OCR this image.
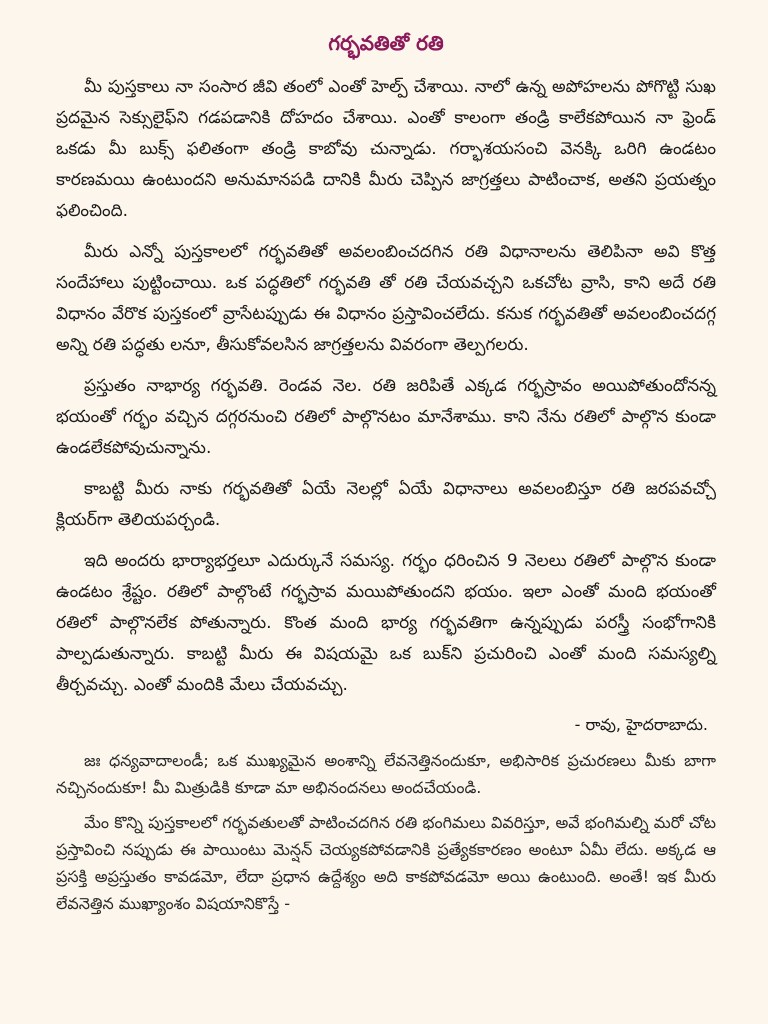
గర్భవతితో రతి

మీ పుస్తకాలు నా సంసార జీవి తంలో ఎంతో హెల్ప్ చేశాయి. నాలో ఉన్న అపోహలను పోగొట్టి సుఖ ప్రదమైన సెక్సులైఫ్‌ని గడపడానికి దోహదం చేశాయి. ఎంతో కాలంగా తండ్రి కాలేకపోయిన నా ఫ్రెండ్ ఒకడు మీ బుక్స్ ఫలితంగా తండ్రి కాబోవు చున్నాడు. గర్భాశయసంచి వెనక్కి ఒరిగి ఉండటం కారణమయి ఉంటుందని అనుమానపడి దానికి మీరు చెప్పిన జాగ్రత్తలు పాటించాక, అతని ప్రయత్నం ఫలించింది.

మీరు ఎన్నో పుస్తకాలలో గర్భవతితో అవలంబించదగిన రతి విధానాలను తెలిపినా అవి కొత్త సందేహాలు పుట్టించాయి. ఒక పద్ధతిలో గర్భవతి తో రతి చేయవచ్చని ఒకచోట వ్రాసి, కాని అదే రతి విధానం వేరొక పుస్తకంలో వ్రాసేటప్పుడు ఈ విధానం ప్రస్తావించలేదు. కనుక గర్భవతితో అవలంబించదగ్గ అన్ని రతి పద్ధతు లనూ, తీసుకోవలసిన జాగ్రత్తలను వివరంగా తెల్పగలరు.

ప్రస్తుతం నాభార్య గర్భవతి. రెండవ నెల. రతి జరిపితే ఎక్కడ గర్భస్రావం అయిపోతుందోనన్న భయంతో గర్భం వచ్చిన దగ్గరనుంచి రతిలో పాల్గొనటం మానేశాము. కాని నేను రతిలో పాల్గొన కుండా ఉండలేకపోవుచున్నాను.

కాబట్టి మీరు నాకు గర్భవతితో ఏయే నెలల్లో ఏయే విధానాలు అవలంబిస్తూ రతి జరపవచ్చో క్లియర్‌గా తెలియపర్చండి.

ఇది అందరు భార్యాభర్తలూ ఎదుర్కునే సమస్య. గర్భం ధరించిన 9 నెలలు రతిలో పాల్గొన కుండా ఉండటం శ్రేష్టం. రతిలో పాల్గొంటే గర్భస్రావ మయిపోతుందని భయం. ఇలా ఎంతో మంది భయంతో రతిలో పాల్గొనలేక పోతున్నారు. కొంత మంది భార్య గర్భవతిగా ఉన్నప్పుడు పరస్త్రీ సంభోగానికి పాల్పడుతున్నారు. కాబట్టి మీరు ఈ విషయమై ఒక బుక్‌ని ప్రచురించి ఎంతో మంది సమస్యల్ని తీర్చవచ్చు. ఎంతో మందికి మేలు చేయవచ్చు.

- రావు, హైదరాబాదు.

జః ధన్యవాదాలండీ; ఒక ముఖ్యమైన అంశాన్ని లేవనెత్తినందుకూ, అభిసారిక ప్రచురణలు మీకు బాగా నచ్చినందుకూ! మీ మిత్రుడికి కూడా మా అభినందనలు అందచేయండి.

మేం కొన్ని పుస్తకాలలో గర్భవతులతో పాటించదగిన రతి భంగిమలు వివరిస్తూ, అవే భంగిమల్ని మరో చోట ప్రస్తావించి నప్పుడు ఈ పాయింటు మెన్షన్ చెయ్యకపోవడానికి ప్రత్యేకకారణం అంటూ ఏమీ లేదు. అక్కడ ఆ ప్రసక్తి అప్రస్తుతం కావడమో, లేదా ప్రధాన ఉద్దేశ్యం అది కాకపోవడమో అయి ఉంటుంది. అంతే! ఇక మీరు లేవనెత్తిన ముఖ్యాంశం విషయానికొస్తే -
